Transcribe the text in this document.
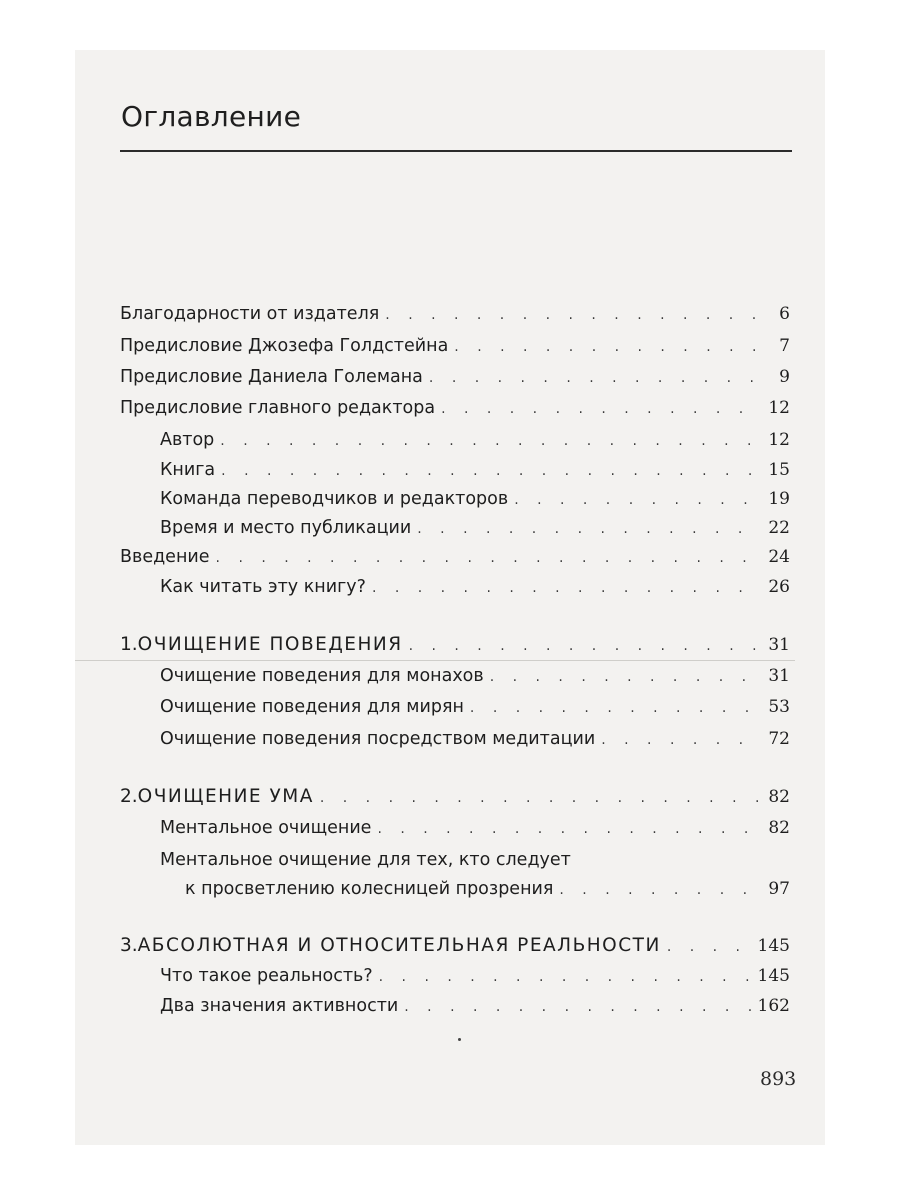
Оглавление
Благодарности от издателя . . .	6
Предисловие Джозефа Голдстейна . . .	7
Предисловие Даниела Големана . . .	9
Предисловие главного редактора . . .	12
Автор . . .	12
Книга . . .	15
Команда переводчиков и редакторов . . .	19
Время и место публикации . . .	22
Введение . . .	24
Как читать эту книгу? . . .	26
1. ОЧИЩЕНИЕ ПОВЕДЕНИЯ . . .	31
Очищение поведения для монахов . . .	31
Очищение поведения для мирян . . .	53
Очищение поведения посредством медитации . . .	72
2. ОЧИЩЕНИЕ УМА . . .	82
Ментальное очищение . . .	82
Ментальное очищение для тех, кто следует
к просветлению колесницей прозрения . . .	97
3. АБСОЛЮТНАЯ И ОТНОСИТЕЛЬНАЯ РЕАЛЬНОСТИ . . .	145
Что такое реальность? . . .	145
Два значения активности . . .	162
893
